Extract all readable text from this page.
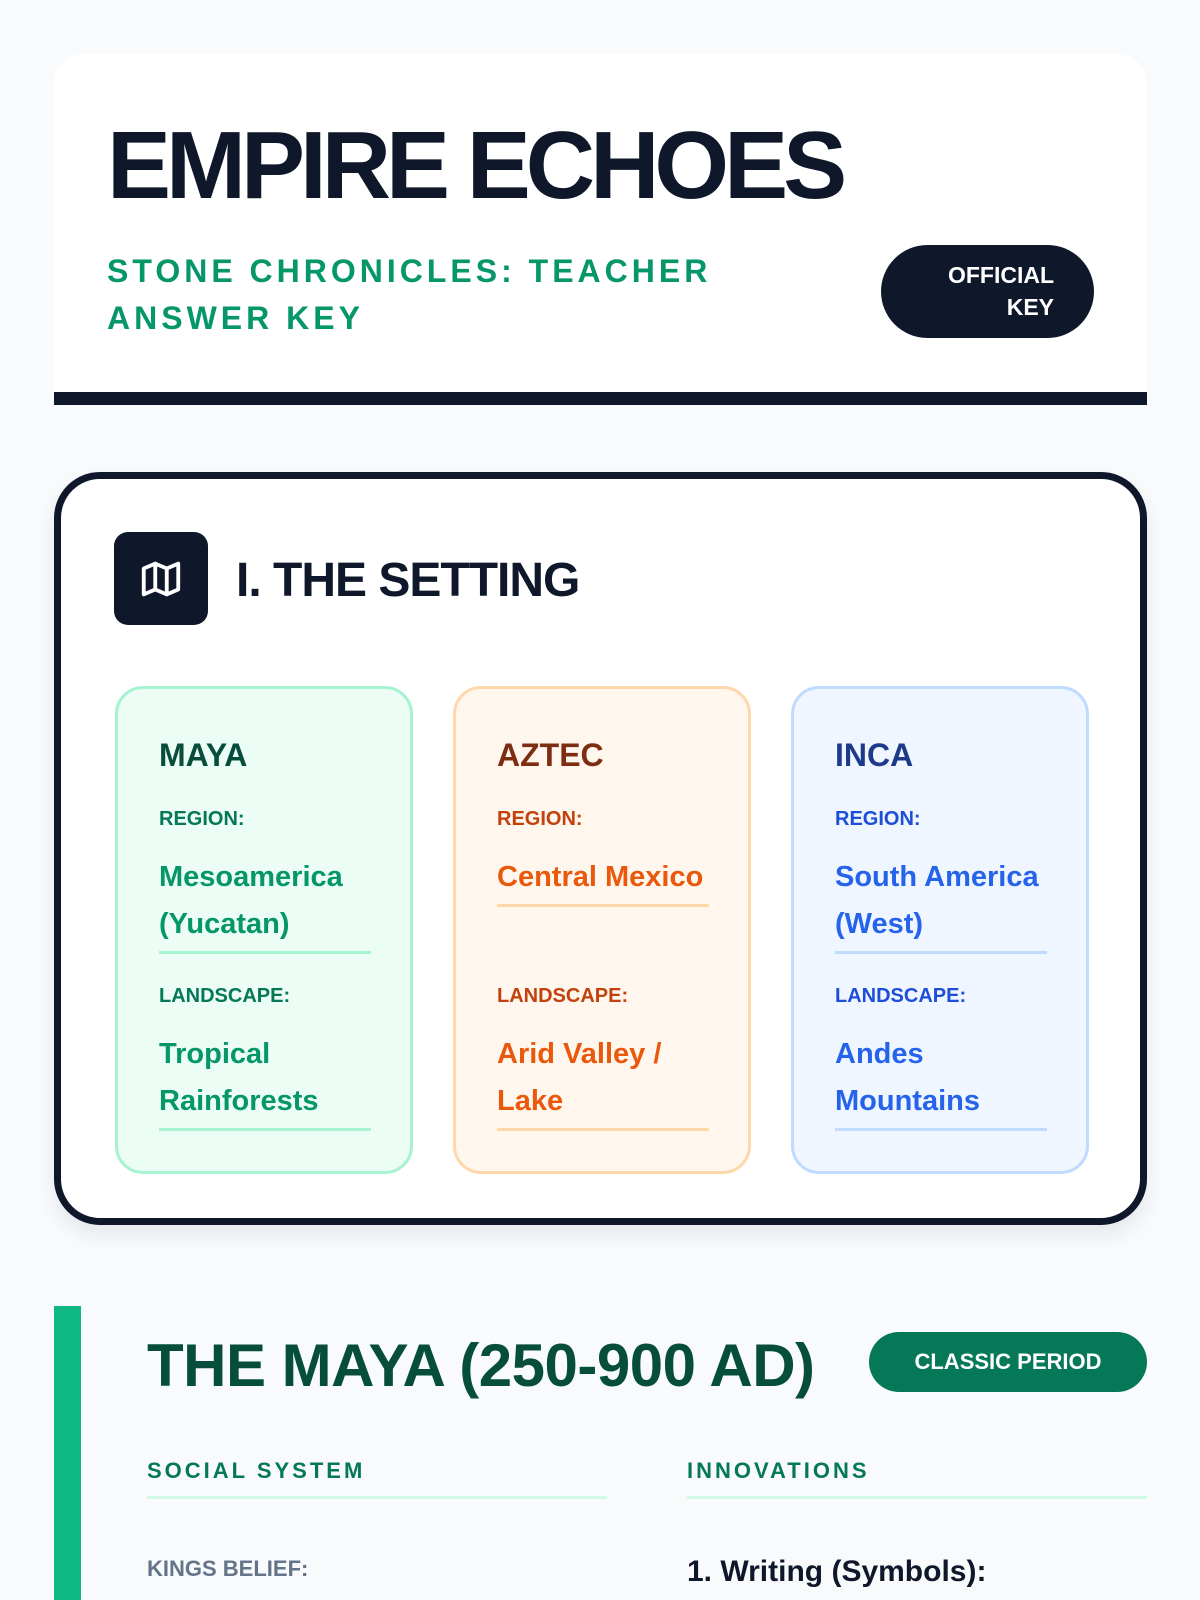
EMPIRE ECHOES
STONE CHRONICLES: TEACHER ANSWER KEY
OFFICIAL KEY
I. THE SETTING
MAYA
REGION:
Mesoamerica (Yucatan)
LANDSCAPE:
Tropical Rainforests
AZTEC
REGION:
Central Mexico
LANDSCAPE:
Arid Valley / Lake
INCA
REGION:
South America (West)
LANDSCAPE:
Andes Mountains
THE MAYA (250-900 AD)	CLASSIC PERIOD
SOCIAL SYSTEM	INNOVATIONS
KINGS BELIEF:	1. Writing (Symbols):
